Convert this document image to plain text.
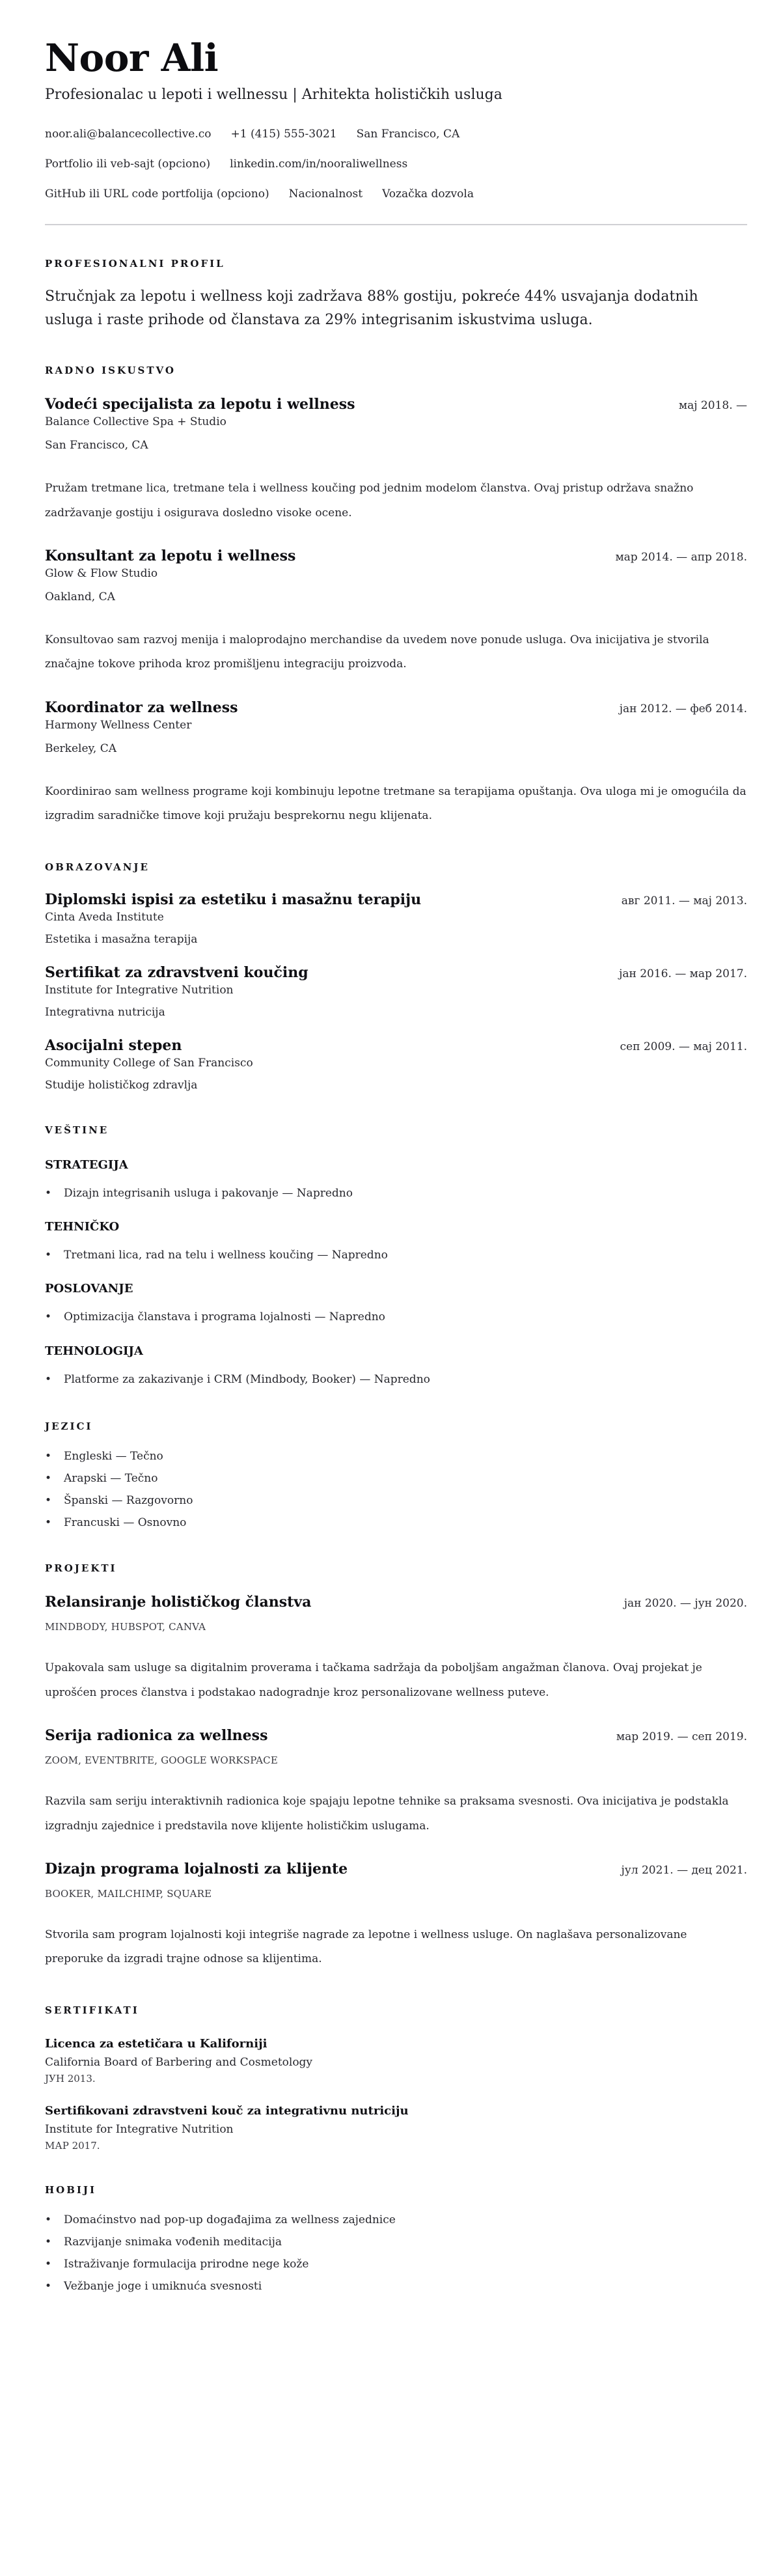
Noor Ali
Profesionalac u lepoti i wellnessu | Arhitekta holističkih usluga
noor.ali@balancecollective.co +1 (415) 555-3021 San Francisco, CA
Portfolio ili veb-sajt (opciono) linkedin.com/in/nooraliwellness
GitHub ili URL code portfolija (opciono) Nacionalnost Vozačka dozvola
PROFESIONALNI PROFIL

Stručnjak za lepotu i wellness koji zadržava 88% gostiju, pokreće 44% usvajanja dodatnih usluga i raste prihode od članstava za 29% integrisanim iskustvima usluga.

RADNO ISKUSTVO
Vodeći specijalista za lepotu i wellness	мај 2018. —
Balance Collective Spa + Studio
San Francisco, CA

Pružam tretmane lica, tretmane tela i wellness koučing pod jednim modelom članstva. Ovaj pristup održava snažno zadržavanje gostiju i osigurava dosledno visoke ocene.

Konsultant za lepotu i wellness	мар 2014. — апр 2018.
Glow & Flow Studio
Oakland, CA

Konsultovao sam razvoj menija i maloprodajno merchandise da uvedem nove ponude usluga. Ova inicijativa je stvorila značajne tokove prihoda kroz promišljenu integraciju proizvoda.

Koordinator za wellness	јан 2012. — феб 2014.
Harmony Wellness Center
Berkeley, CA

Koordinirao sam wellness programe koji kombinuju lepotne tretmane sa terapijama opuštanja. Ova uloga mi je omogućila da izgradim saradničke timove koji pružaju besprekornu negu klijenata.

OBRAZOVANJE
Diplomski ispisi za estetiku i masažnu terapiju	авг 2011. — мај 2013.
Cinta Aveda Institute
Estetika i masažna terapija
Sertifikat za zdravstveni koučing	јан 2016. — мар 2017.
Institute for Integrative Nutrition
Integrativna nutricija
Asocijalni stepen	сеп 2009. — мај 2011.
Community College of San Francisco
Studije holističkog zdravlja
VEŠTINE
STRATEGIJA
• Dizajn integrisanih usluga i pakovanje — Napredno
TEHNIČKO
• Tretmani lica, rad na telu i wellness koučing — Napredno
POSLOVANJE
• Optimizacija članstava i programa lojalnosti — Napredno
TEHNOLOGIJA
• Platforme za zakazivanje i CRM (Mindbody, Booker) — Napredno
JEZICI
• Engleski — Tečno
• Arapski — Tečno
• Španski — Razgovorno
• Francuski — Osnovno
PROJEKTI
Relansiranje holističkog članstva	јан 2020. — јун 2020.
MINDBODY, HUBSPOT, CANVA

Upakovala sam usluge sa digitalnim proverama i tačkama sadržaja da poboljšam angažman članova. Ovaj projekat je uprošćen proces članstva i podstakao nadogradnje kroz personalizovane wellness puteve.

Serija radionica za wellness	мар 2019. — сеп 2019.
ZOOM, EVENTBRITE, GOOGLE WORKSPACE

Razvila sam seriju interaktivnih radionica koje spajaju lepotne tehnike sa praksama svesnosti. Ova inicijativa je podstakla izgradnju zajednice i predstavila nove klijente holističkim uslugama.

Dizajn programa lojalnosti za klijente	јул 2021. — дец 2021.
BOOKER, MAILCHIMP, SQUARE

Stvorila sam program lojalnosti koji integriše nagrade za lepotne i wellness usluge. On naglašava personalizovane preporuke da izgradi trajne odnose sa klijentima.

SERTIFIKATI
Licenca za estetičara u Kaliforniji
California Board of Barbering and Cosmetology
ЈУН 2013.
Sertifikovani zdravstveni kouč za integrativnu nutriciju
Institute for Integrative Nutrition
МАР 2017.
HOBIJI
• Domaćinstvo nad pop-up događajima za wellness zajednice
• Razvijanje snimaka vođenih meditacija
• Istraživanje formulacija prirodne nege kože
• Vežbanje joge i umiknuća svesnosti
